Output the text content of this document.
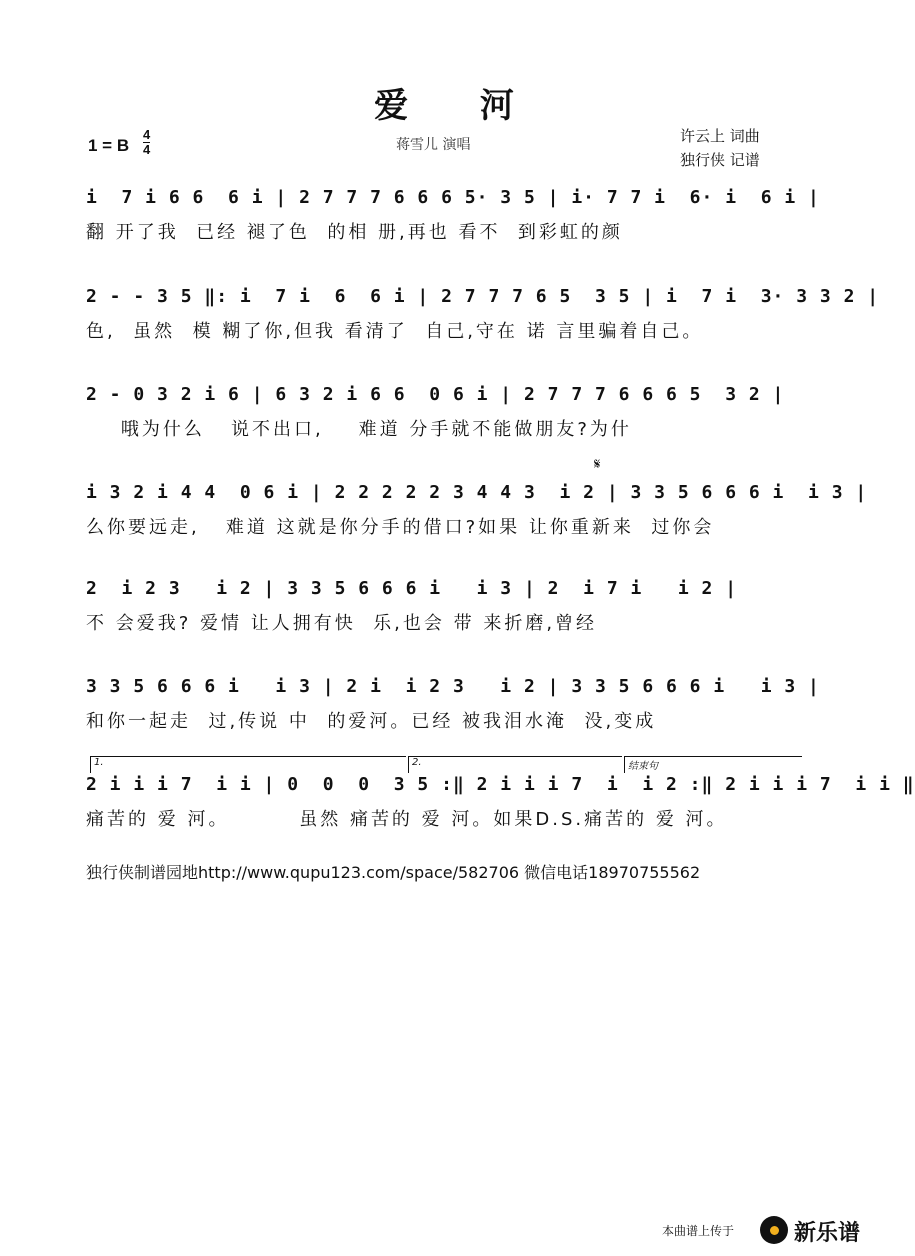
爱 河
蒋雪儿 演唱	许云上 词曲
独行侠 记谱
1 = B
4
4
i  7 i 6 6  6 i | 2 7 7 7 6 6 6 5· 3 5 | i· 7 7 i  6· i  6 i |
翻 开了我  已经 褪了色  的相 册,再也 看不  到彩虹的颜
2 - - 3 5 ‖: i  7 i  6  6 i | 2 7 7 7 6 5  3 5 | i  7 i  3· 3 3 2 |
色,  虽然  模 糊了你,但我 看清了  自己,守在 诺 言里骗着自己。
2 - 0 3 2 i 6 | 6 3 2 i 6 6  0 6 i | 2 7 7 7 6 6 6 5  3 2 |
哦为什么   说不出口,    难道 分手就不能做朋友?为什
𝄋
i 3 2 i 4 4  0 6 i | 2 2 2 2 2 3 4 4 3  i 2 | 3 3 5 6 6 6 i  i 3 |
么你要远走,   难道 这就是你分手的借口?如果 让你重新来  过你会
2  i 2 3   i 2 | 3 3 5 6 6 6 i   i 3 | 2  i 7 i   i 2 |
不 会爱我? 爱情 让人拥有快  乐,也会 带 来折磨,曾经
3 3 5 6 6 6 i   i 3 | 2 i  i 2 3   i 2 | 3 3 5 6 6 6 i   i 3 |
和你一起走  过,传说 中  的爱河。已经 被我泪水淹  没,变成
1.	2.	结束句
2 i i i 7  i i | 0  0  0  3 5 :‖ 2 i i i 7  i  i 2 :‖ 2 i i i 7  i i ‖
痛苦的 爱 河。        虽然 痛苦的 爱 河。如果D.S.痛苦的 爱 河。
独行侠制谱园地http://www.qupu123.com/space/582706 微信电话18970755562
本曲谱上传于	新乐谱
